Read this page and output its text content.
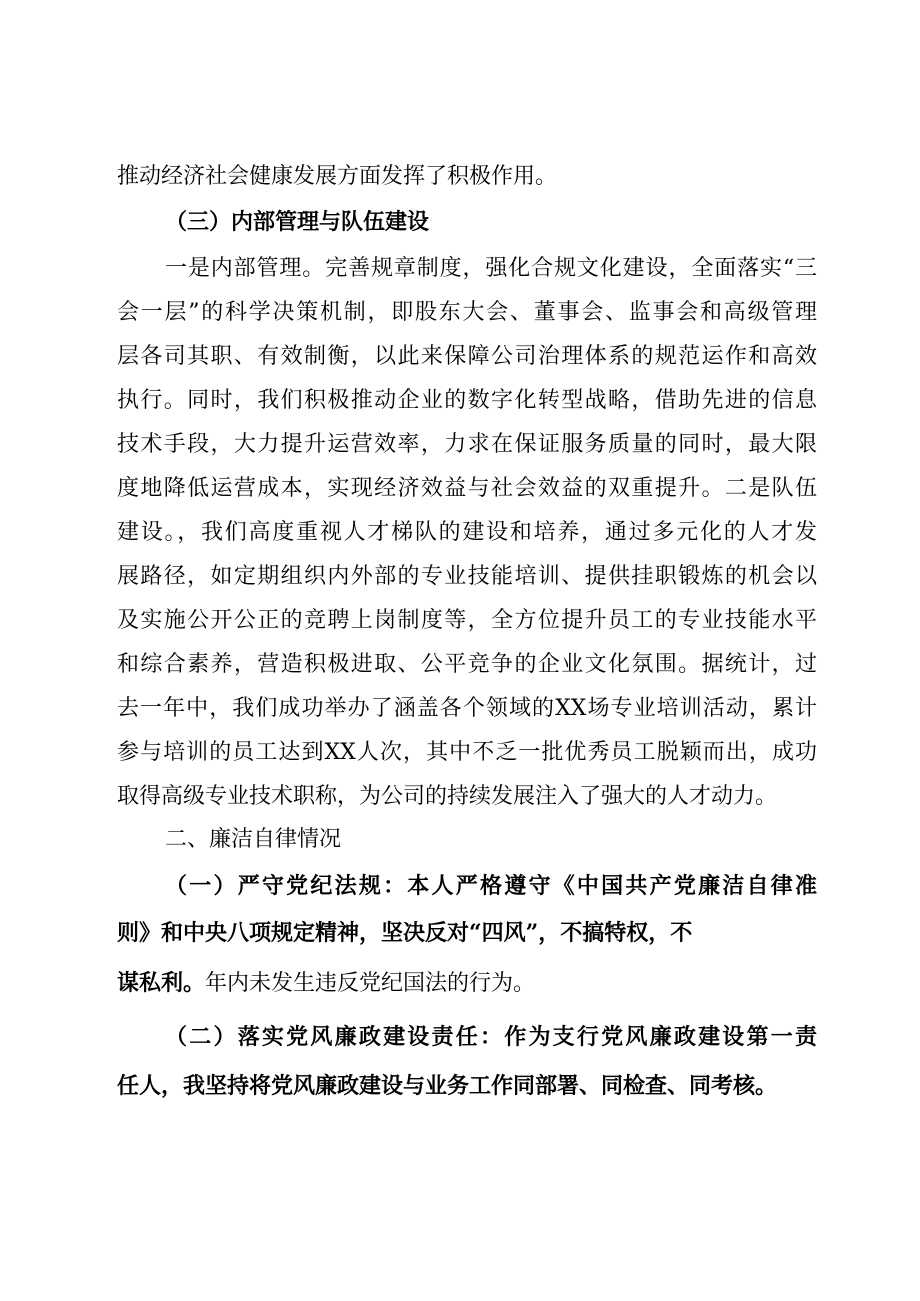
推动经济社会健康发展方面发挥了积极作用。
（三）内部管理与队伍建设
一是内部管理。完善规章制度，强化合规文化建设，全面落实“三
会一层”的科学决策机制，即股东大会、董事会、监事会和高级管理
层各司其职、有效制衡，以此来保障公司治理体系的规范运作和高效
执行。同时，我们积极推动企业的数字化转型战略，借助先进的信息
技术手段，大力提升运营效率，力求在保证服务质量的同时，最大限
度地降低运营成本，实现经济效益与社会效益的双重提升。二是队伍
建设。，我们高度重视人才梯队的建设和培养，通过多元化的人才发
展路径，如定期组织内外部的专业技能培训、提供挂职锻炼的机会以
及实施公开公正的竞聘上岗制度等，全方位提升员工的专业技能水平
和综合素养，营造积极进取、公平竞争的企业文化氛围。据统计，过
去一年中，我们成功举办了涵盖各个领域的XX场专业培训活动，累计
参与培训的员工达到XX人次，其中不乏一批优秀员工脱颖而出，成功
取得高级专业技术职称，为公司的持续发展注入了强大的人才动力。
二、廉洁自律情况
（一）严守党纪法规：本人严格遵守《中国共产党廉洁自律准
则》和中央八项规定精神，坚决反对“四风”，不搞特权，不
谋私利。年内未发生违反党纪国法的行为。
（二）落实党风廉政建设责任：作为支行党风廉政建设第一责
任人，我坚持将党风廉政建设与业务工作同部署、同检查、同考核。
